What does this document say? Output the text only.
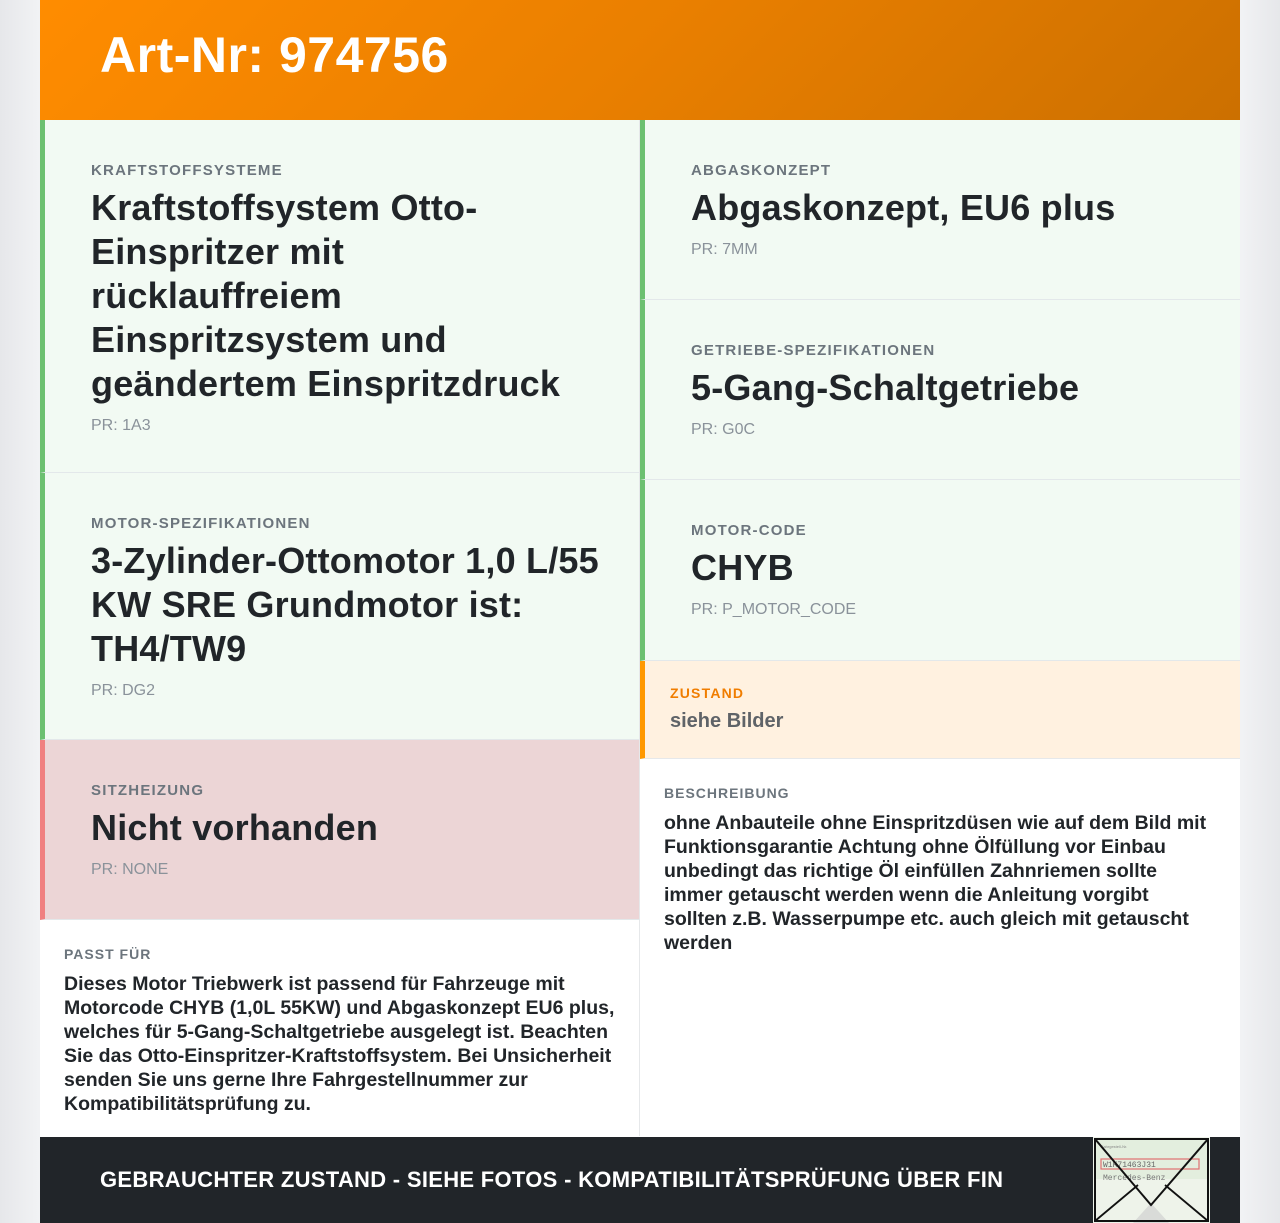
Art-Nr: 974756
KRAFTSTOFFSYSTEME
Kraftstoffsystem Otto-Einspritzer mit rücklauffreiem Einspritzsystem und geändertem Einspritzdruck
PR: 1A3
MOTOR-SPEZIFIKATIONEN
3-Zylinder-Ottomotor 1,0 L/55 KW SRE Grundmotor ist: TH4/TW9
PR: DG2
SITZHEIZUNG
Nicht vorhanden
PR: NONE
PASST FÜR
Dieses Motor Triebwerk ist passend für Fahrzeuge mit Motorcode CHYB (1,0L 55KW) und Abgaskonzept EU6 plus, welches für 5-Gang-Schaltgetriebe ausgelegt ist. Beachten Sie das Otto-Einspritzer-Kraftstoffsystem. Bei Unsicherheit senden Sie uns gerne Ihre Fahrgestellnummer zur Kompatibilitätsprüfung zu.
ABGASKONZEPT
Abgaskonzept, EU6 plus
PR: 7MM
GETRIEBE-SPEZIFIKATIONEN
5-Gang-Schaltgetriebe
PR: G0C
MOTOR-CODE
CHYB
PR: P_MOTOR_CODE
ZUSTAND
siehe Bilder
BESCHREIBUNG
ohne Anbauteile ohne Einspritzdüsen wie auf dem Bild mit Funktionsgarantie Achtung ohne Ölfüllung vor Einbau unbedingt das richtige Öl einfüllen Zahnriemen sollte immer getauscht werden wenn die Anleitung vorgibt sollten z.B. Wasserpumpe etc. auch gleich mit getauscht werden
GEBRAUCHTER ZUSTAND - SIEHE FOTOS - KOMPATIBILITÄTSPRÜFUNG ÜBER FIN
W1K71463J31
Mercedes-Benz
Fahrgestell-Nr.
